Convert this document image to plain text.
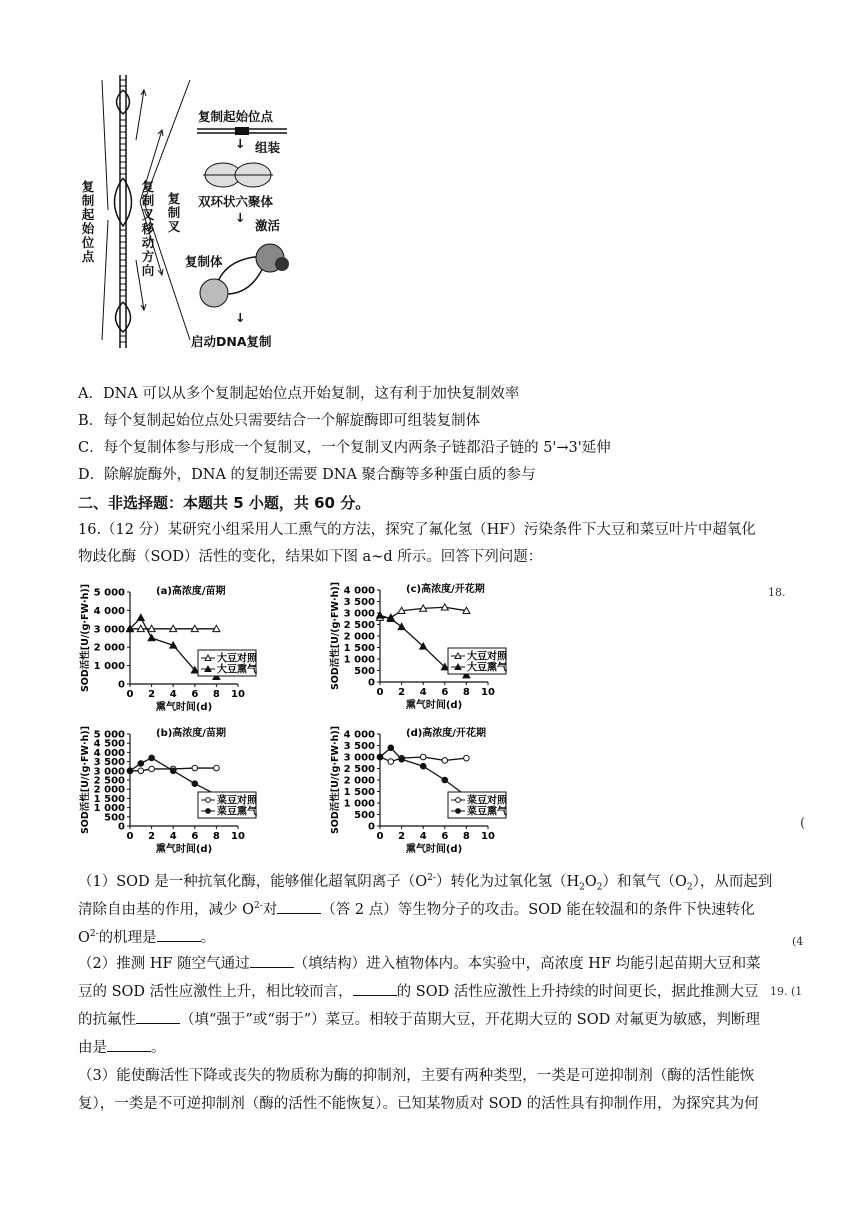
复制起始位点
复制叉移动方向
复制叉
复制起始位点
↓ 组装
双环状六聚体
↓
激活
复制体
↓
启动DNA复制
A．DNA 可以从多个复制起始位点开始复制，这有利于加快复制效率
B．每个复制起始位点处只需要结合一个解旋酶即可组装复制体
C．每个复制体参与形成一个复制叉，一个复制叉内两条子链都沿子链的 5'→3'延伸
D．除解旋酶外，DNA 的复制还需要 DNA 聚合酶等多种蛋白质的参与
二、非选择题：本题共 5 小题，共 60 分。
16.（12 分）某研究小组采用人工熏气的方法，探究了氟化氢（HF）污染条件下大豆和菜豆叶片中超氧化
物歧化酶（SOD）活性的变化，结果如下图 a~d 所示。回答下列问题：
SOD活性[U/(g·FW·h)] 5 000
4 000
3 000
2 000
1 000
0
0 2 4 6 8 10
熏气时间(d)
(a)高浓度/苗期
大豆对照
大豆熏气	SOD活性[U/(g·FW·h)] 4 000
3 500
3 000
2 500
2 000
1 500
1 000
500
0
0 2 4 6 8 10
熏气时间(d)
(c)高浓度/开花期
大豆对照
大豆熏气
SOD活性[U/(g·FW·h)] 5 000
4 500
4 000
3 500
3 000
2 500
2 000
1 500
1 000
500
0
0 2 4 6 8 10
熏气时间(d)
(b)高浓度/苗期
菜豆对照
菜豆熏气	SOD活性[U/(g·FW·h)] 4 000
3 500
3 000
2 500
2 000
1 500
1 000
500
0
0 2 4 6 8 10
熏气时间(d)
(d)高浓度/开花期
菜豆对照
菜豆熏气
18.
(
(4
19. (1
（1）SOD 是一种抗氧化酶，能够催化超氧阴离子$(O^{2-})$转化为过氧化氢$(H_2O_2)$和氧气$(O_2)$，从而起到
清除自由基的作用，减少 $O^{2-}$对	（答 2 点）等生物分子的攻击。SOD 能在较温和的条件下快速转化
$O^{2-}$的机理是	。
（2）推测 HF 随空气通过	（填结构）进入植物体内。本实验中，高浓度 HF 均能引起苗期大豆和菜
豆的 SOD 活性应激性上升，相比较而言，	的 SOD 活性应激性上升持续的时间更长，据此推测大豆
的抗氟性	（填“强于”或“弱于”）菜豆。相较于苗期大豆，开花期大豆的 SOD 对氟更为敏感，判断理
由是	。
（3）能使酶活性下降或丧失的物质称为酶的抑制剂，主要有两种类型，一类是可逆抑制剂（酶的活性能恢
复），一类是不可逆抑制剂（酶的活性不能恢复）。已知某物质对 SOD 的活性具有抑制作用，为探究其为何
